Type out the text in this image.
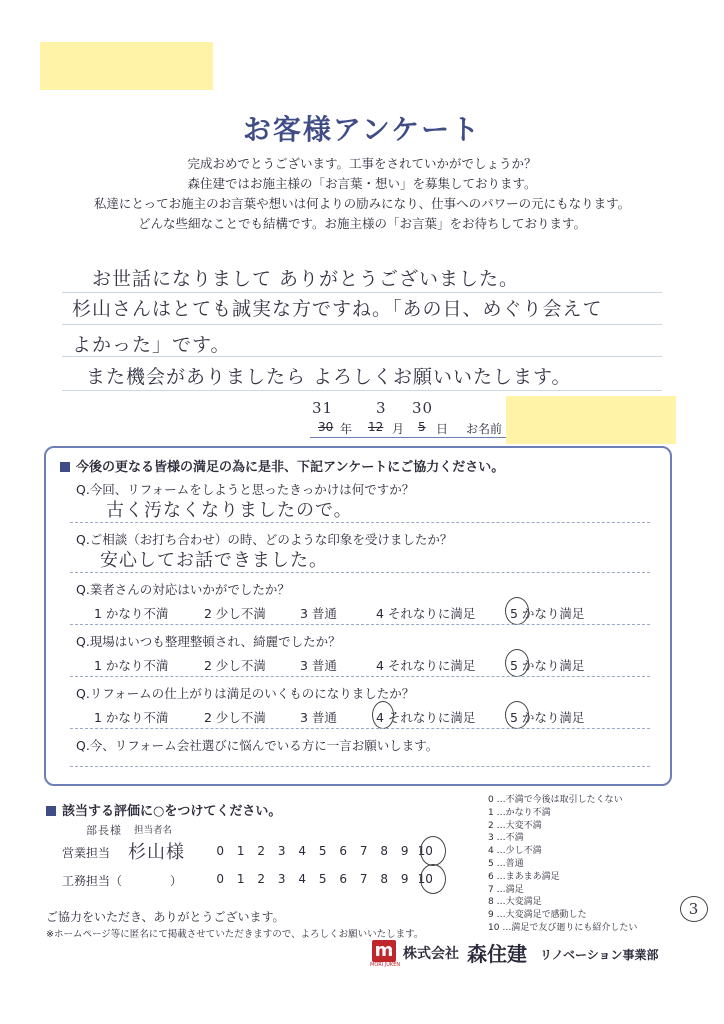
お客様アンケート
完成おめでとうございます。工事をされていかがでしょうか？
森住建ではお施主様の「お言葉・想い」を募集しております。
私達にとってお施主のお言葉や想いは何よりの励みになり、仕事へのパワーの元にもなります。
どんな些細なことでも結構です。お施主様の「お言葉」をお待ちしております。
お世話になりまして ありがとうございました。
杉山さんはとても誠実な方ですね。「あの日、めぐり会えて
よかった」です。
また機会がありましたら よろしくお願いいたします。
31
30 年
3
12 月
30
5 日 お名前
今後の更なる皆様の満足の為に是非、下記アンケートにご協力ください。
Q.今回、リフォームをしようと思ったきっかけは何ですか？
古く汚なくなりましたので。
Q.ご相談（お打ち合わせ）の時、どのような印象を受けましたか？
安心してお話できました。
Q.業者さんの対応はいかがでしたか？
1 かなり不満	2 少し不満	3 普通	4 それなりに満足	5 かなり満足
Q.現場はいつも整理整頓され、綺麗でしたか？
1 かなり不満	2 少し不満	3 普通	4 それなりに満足	5 かなり満足
Q.リフォームの仕上がりは満足のいくものになりましたか？
1 かなり不満	2 少し不満	3 普通	4 それなりに満足	5 かなり満足
Q.今、リフォーム会社選びに悩んでいる方に一言お願いします。
該当する評価に○をつけてください。
部長様 担当者名
営業担当 杉山様	0 1 2 3 4 5 6 7 8 9 10
工務担当（　　　　）	0 1 2 3 4 5 6 7 8 9 10
0 …不満で今後は取引したくない
1 …かなり不満
2 …大変不満
3 …不満
4 …少し不満
5 …普通
6 …まあまあ満足
7 …満足
8 …大変満足
9 …大変満足で感動した
10 …満足で友び廻りにも紹介したい
3
ご協力をいただき、ありがとうございます。
※ホームページ等に匿名にて掲載させていただきますので、よろしくお願いいたします。
m
MORI JUKEN
株式会社 森住建 リノベーション事業部
